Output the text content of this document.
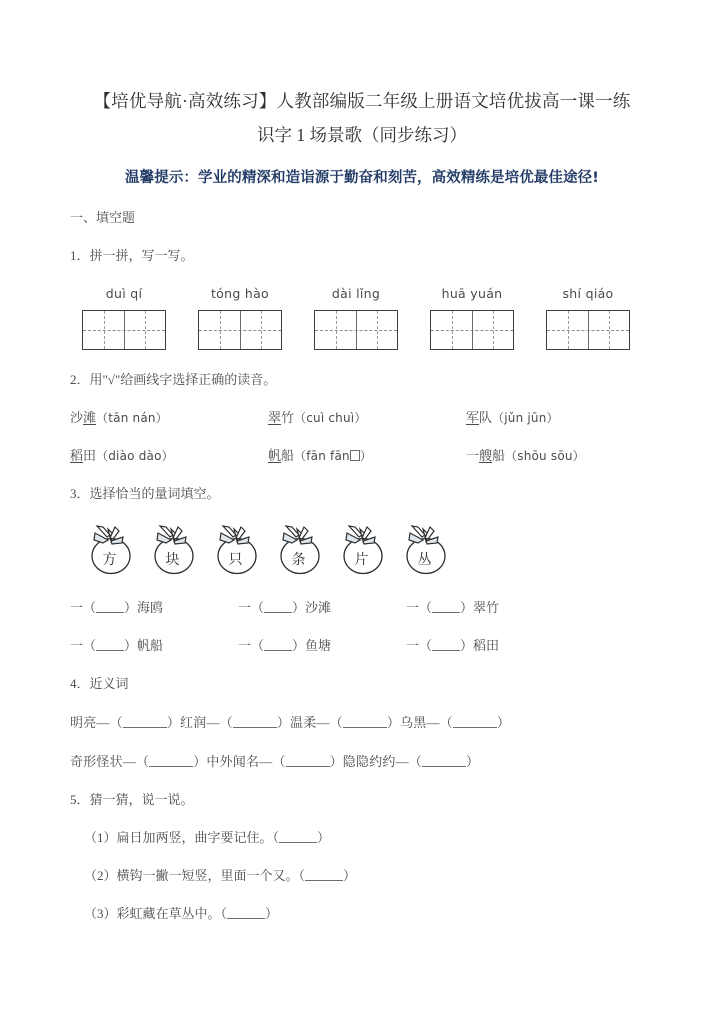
【培优导航·高效练习】人教部编版二年级上册语文培优拔高一课一练
识字 1 场景歌（同步练习）
温馨提示：学业的精深和造诣源于勤奋和刻苦，高效精练是培优最佳途径!
一、填空题
1．拼一拼，写一写。
duì qí	tóng hào	dài lǐng	huā yuán	shí qiáo
2．用"√"给画线字选择正确的读音。
沙滩（tān nán）	翠竹（cuì chuì）	军队（jǔn jūn）
稻田（diào dào）	帆船（fān fān ）	一艘船（shōu sōu）
3．选择恰当的量词填空。
方	块	只	条	片	丛
一（ ）海鸥	一（ ）沙滩	一（ ）翠竹
一（ ）帆船	一（ ）鱼塘	一（ ）稻田
4．近义词
明亮—（	）红润—（	）温柔—（	）乌黑—（	）
奇形怪状—（	）中外闻名—（	）隐隐约约—（	）
5．猜一猜，说一说。
（1）扁日加两竖，曲字要记住。（	）
（2）横钩一撇一短竖，里面一个又。（	）
（3）彩虹藏在草丛中。（	）
